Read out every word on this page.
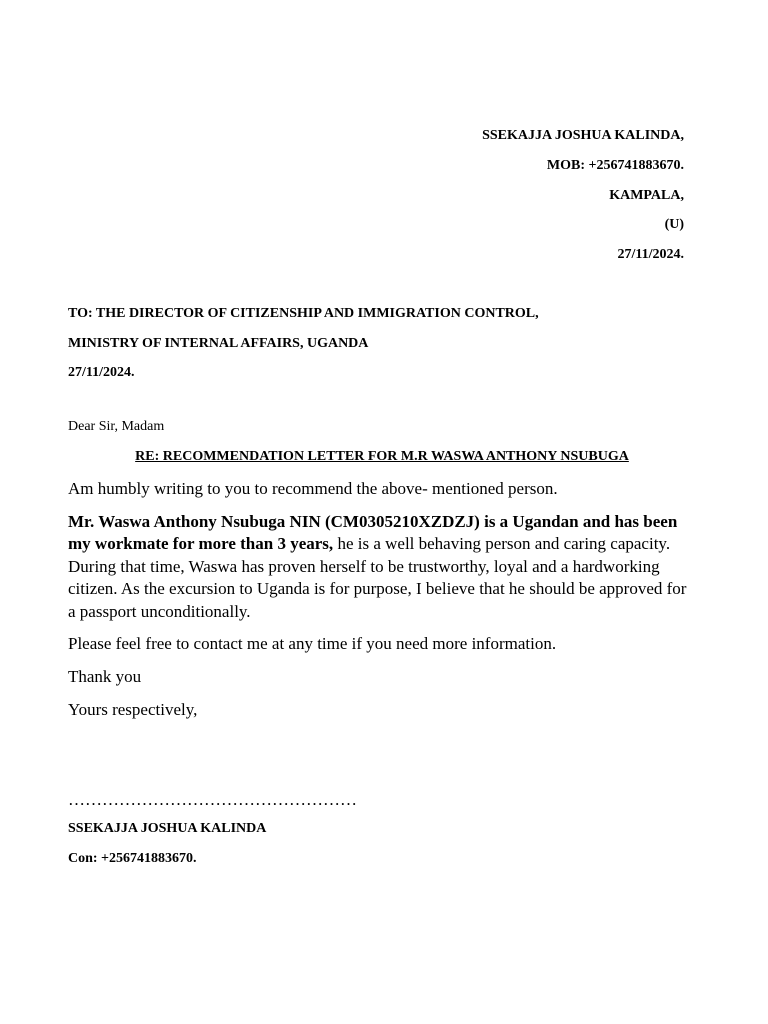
SSEKAJJA JOSHUA KALINDA,
MOB: +256741883670.
KAMPALA,
(U)
27/11/2024.
TO: THE DIRECTOR OF CITIZENSHIP AND IMMIGRATION CONTROL,
MINISTRY OF INTERNAL AFFAIRS, UGANDA
27/11/2024.
Dear Sir, Madam
RE: RECOMMENDATION LETTER FOR M.R WASWA ANTHONY NSUBUGA
Am humbly writing to you to recommend the above- mentioned person.
Mr. Waswa Anthony Nsubuga NIN (CM0305210XZDZJ) is a Ugandan and has been my workmate for more than 3 years, he is a well behaving person and caring capacity. During that time, Waswa has proven herself to be trustworthy, loyal and a hardworking citizen. As the excursion to Uganda is for purpose, I believe that he should be approved for a passport unconditionally.
Please feel free to contact me at any time if you need more information.
Thank you
Yours respectively,
……………………………………………
SSEKAJJA JOSHUA KALINDA
Con: +256741883670.
